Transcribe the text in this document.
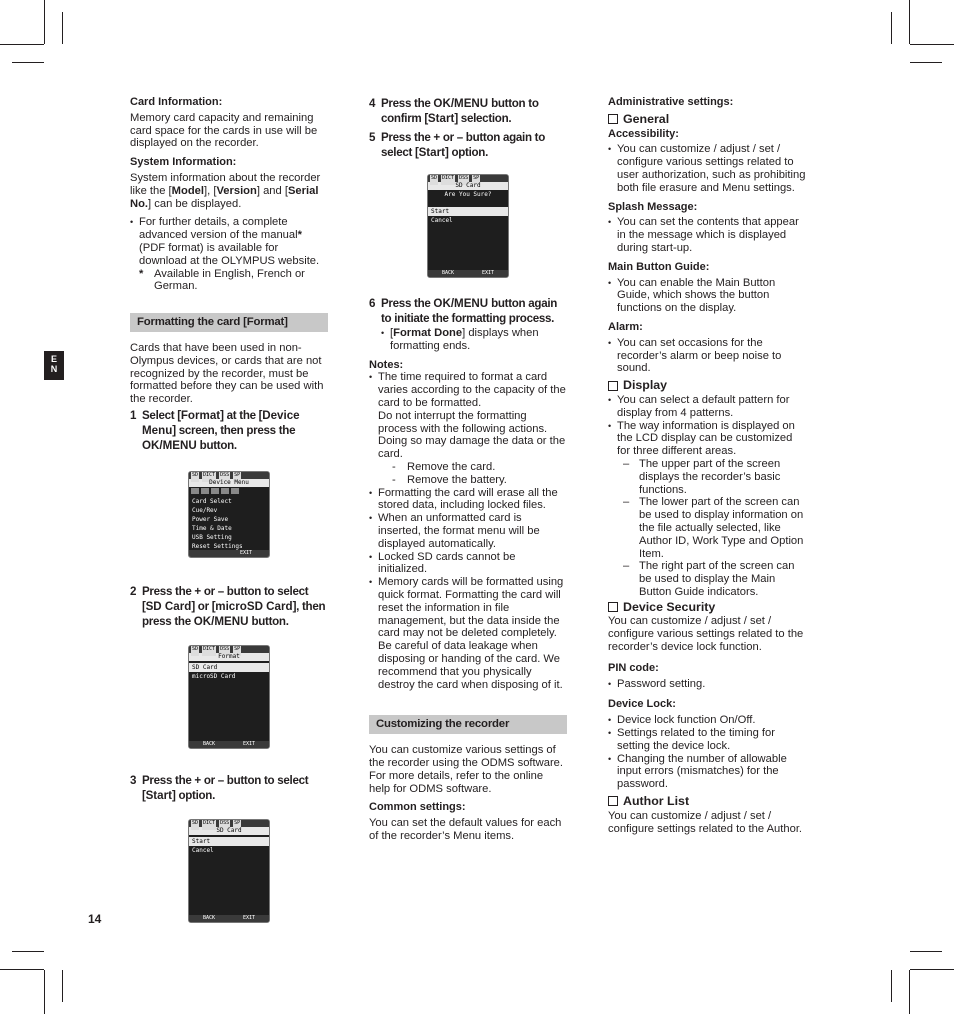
E
N
14
Card Information:

Memory card capacity and remaining card space for the cards in use will be displayed on the recorder.

System Information:

System information about the recorder like the [Model], [Version] and [Serial No.] can be displayed.

• For further details, a complete advanced version of the manual* (PDF format) is available for download at the OLYMPUS website.
* Available in English, French or German.
Formatting the card [Format]

Cards that have been used in non-Olympus devices, or cards that are not recognized by the recorder, must be formatted before they can be used with the recorder.

1 Select [Format] at the [Device Menu] screen, then press the OK/MENU button.
SD DICT DSS SP
Device Menu
Card Select
Cue/Rev
Power Save
Time & Date
USB Setting
Reset Settings
EXIT
2 Press the + or – button to select [SD Card] or [microSD Card], then press the OK/MENU button.
SD DICT DSS SP
Format
SD Card
microSD Card
BACK	EXIT
3 Press the + or – button to select [Start] option.
SD DICT DSS SP
SD Card
Start
Cancel
BACK	EXIT
4 Press the OK/MENU button to confirm [Start] selection.
5 Press the + or – button again to select [Start] option.
SD DICT DSS SP
SD Card
Are You Sure?
Start
Cancel
BACK	EXIT
6 Press the OK/MENU button again to initiate the formatting process.
• [Format Done] displays when formatting ends.
Notes:
• The time required to format a card varies according to the capacity of the card to be formatted.
Do not interrupt the formatting process with the following actions. Doing so may damage the data or the card.
- Remove the card.
- Remove the battery.
• Formatting the card will erase all the stored data, including locked files.
• When an unformatted card is inserted, the format menu will be displayed automatically.
• Locked SD cards cannot be initialized.
• Memory cards will be formatted using quick format. Formatting the card will reset the information in file management, but the data inside the card may not be deleted completely. Be careful of data leakage when disposing or handing of the card. We recommend that you physically destroy the card when disposing of it.
Customizing the recorder

You can customize various settings of the recorder using the ODMS software.
For more details, refer to the online help for ODMS software.

Common settings:

You can set the default values for each of the recorder’s Menu items.

Administrative settings:
General
Accessibility:
• You can customize / adjust / set / configure various settings related to user authorization, such as prohibiting both file erasure and Menu settings.
Splash Message:
• You can set the contents that appear in the message which is displayed during start-up.
Main Button Guide:
• You can enable the Main Button Guide, which shows the button functions on the display.
Alarm:
• You can set occasions for the recorder’s alarm or beep noise to sound.
Display
• You can select a default pattern for display from 4 patterns.
• The way information is displayed on the LCD display can be customized for three different areas.
– The upper part of the screen displays the recorder’s basic functions.
– The lower part of the screen can be used to display information on the file actually selected, like Author ID, Work Type and Option Item.
– The right part of the screen can be used to display the Main Button Guide indicators.
Device Security

You can customize / adjust / set / configure various settings related to the recorder’s device lock function.

PIN code:
• Password setting.
Device Lock:
• Device lock function On/Off.
• Settings related to the timing for setting the device lock.
• Changing the number of allowable input errors (mismatches) for the password.
Author List

You can customize / adjust / set / configure settings related to the Author.
